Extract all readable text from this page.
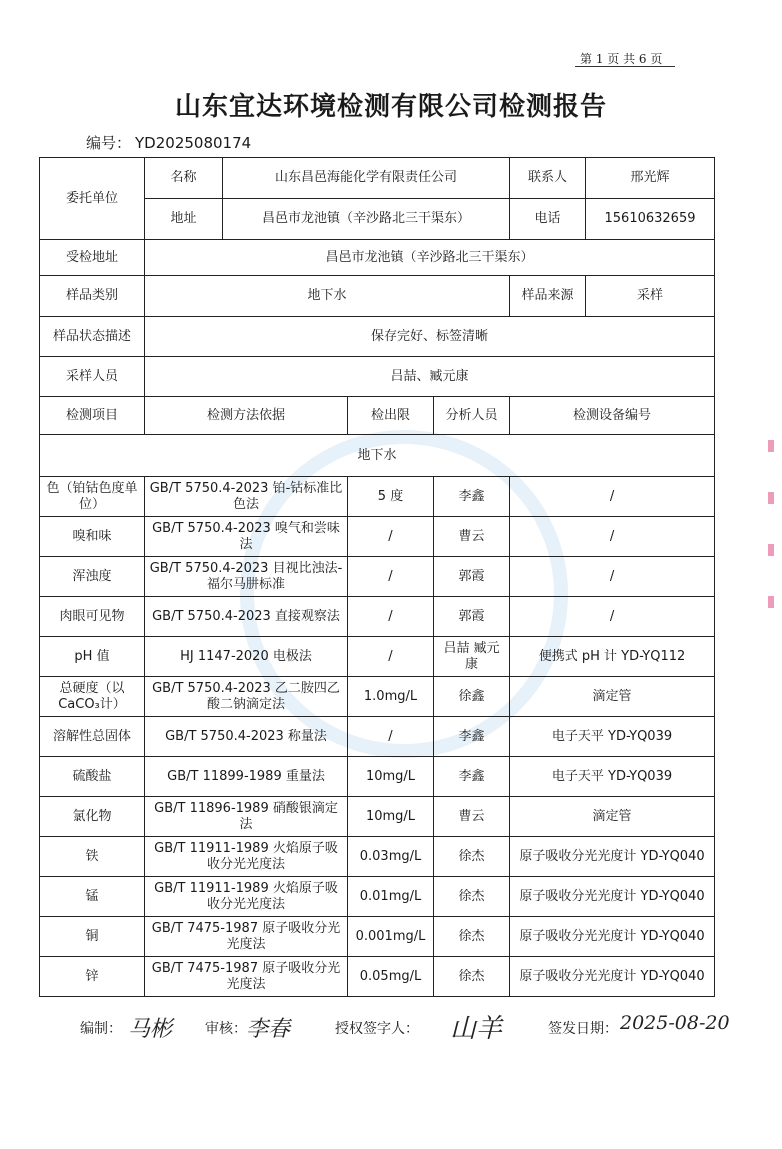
第 1 页 共 6 页
山东宜达环境检测有限公司检测报告
编号： YD2025080174
委托单位	名称	山东昌邑海能化学有限责任公司			联系人	邢光辉
	地址	昌邑市龙池镇（辛沙路北三干渠东）			电话	15610632659
受检地址	昌邑市龙池镇（辛沙路北三干渠东）					
样品类别	地下水				样品来源	采样
样品状态描述	保存完好、标签清晰					
采样人员	吕喆、臧元康					
检测项目	检测方法依据		检出限	分析人员	检测设备编号	
地下水						
色（铂钴色度单位）	GB/T 5750.4-2023 铂-钴标准比色法		5 度	李鑫	/	
嗅和味	GB/T 5750.4-2023 嗅气和尝味法		/	曹云	/	
浑浊度	GB/T 5750.4-2023 目视比浊法-福尔马肼标准		/	郭霞	/	
肉眼可见物	GB/T 5750.4-2023 直接观察法		/	郭霞	/	
pH 值	HJ 1147-2020 电极法		/	吕喆 臧元康	便携式 pH 计 YD-YQ112	
总硬度（以CaCO₃计）	GB/T 5750.4-2023 乙二胺四乙酸二钠滴定法		1.0mg/L	徐鑫	滴定管	
溶解性总固体	GB/T 5750.4-2023 称量法		/	李鑫	电子天平 YD-YQ039	
硫酸盐	GB/T 11899-1989 重量法		10mg/L	李鑫	电子天平 YD-YQ039	
氯化物	GB/T 11896-1989 硝酸银滴定法		10mg/L	曹云	滴定管	
铁	GB/T 11911-1989 火焰原子吸收分光光度法		0.03mg/L	徐杰	原子吸收分光光度计 YD-YQ040	
锰	GB/T 11911-1989 火焰原子吸收分光光度法		0.01mg/L	徐杰	原子吸收分光光度计 YD-YQ040	
铜	GB/T 7475-1987 原子吸收分光光度法		0.001mg/L	徐杰	原子吸收分光光度计 YD-YQ040	
锌	GB/T 7475-1987 原子吸收分光光度法		0.05mg/L	徐杰	原子吸收分光光度计 YD-YQ040	
编制： 马彬 审核： 李春	授权签字人： 山羊	签发日期： 2025-08-20
